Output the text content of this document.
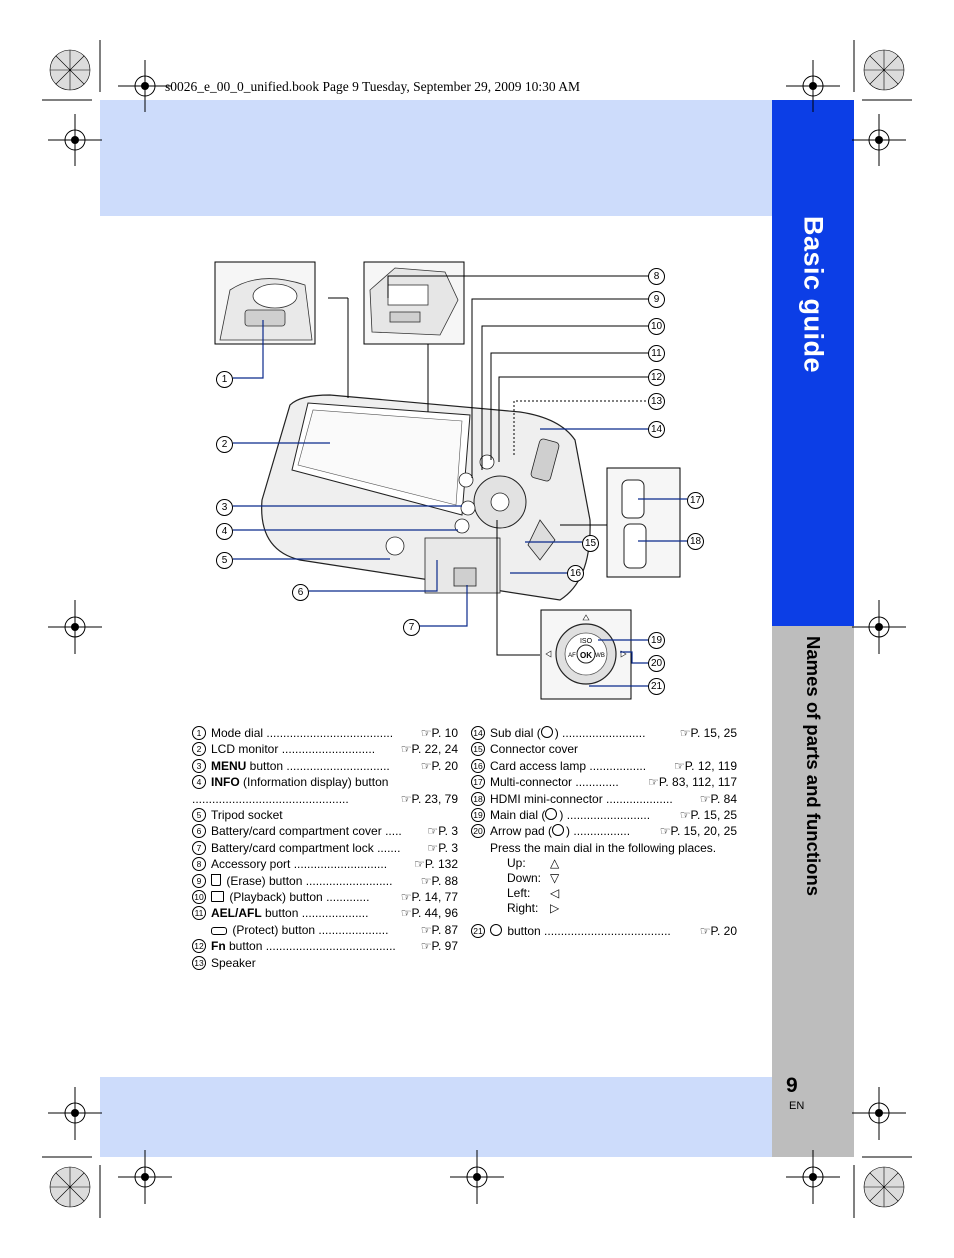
Basic guide
Names of parts and functions
s0026_e_00_0_unified.book Page 9 Tuesday, September 29, 2009 10:30 AM
9
EN
OK
ISO
AF	WB
1
2
3
4
5
6
7
8
9
10
11
12
13
14
15
16
17
18
19
20
21
1 Mode dial ...................................... ☞P. 10
2 LCD monitor ............................ ☞P. 22, 24
3 MENU button ...............................	☞P. 20
4 INFO (Information display) button
...............................................	☞P. 23, 79
5 Tripod socket
6 Battery/card compartment cover ..... ☞P. 3
7 Battery/card compartment lock ....... ☞P. 3
8 Accessory port ............................ ☞P. 132
9	(Erase) button .......................... ☞P. 88
10	(Playback) button .............	☞P. 14, 77
11 AEL/AFL button ....................	☞P. 44, 96
(Protect) button .....................	☞P. 87
12 Fn button ....................................... ☞P. 97
13 Speaker
14 Sub dial ( ) .........................	☞P. 15, 25
15 Connector cover
16 Card access lamp ................. ☞P. 12, 119
17 Multi-connector ............. ☞P. 83, 112, 117
18 HDMI mini-connector .................... ☞P. 84
19 Main dial ( ) ......................... ☞P. 15, 25
20 Arrow pad ( ) ................. ☞P. 15, 20, 25
Press the main dial in the following places.
Up: △
Down: ▽
Left: ◁
Right: ▷
21	button ...................................... ☞P. 20
